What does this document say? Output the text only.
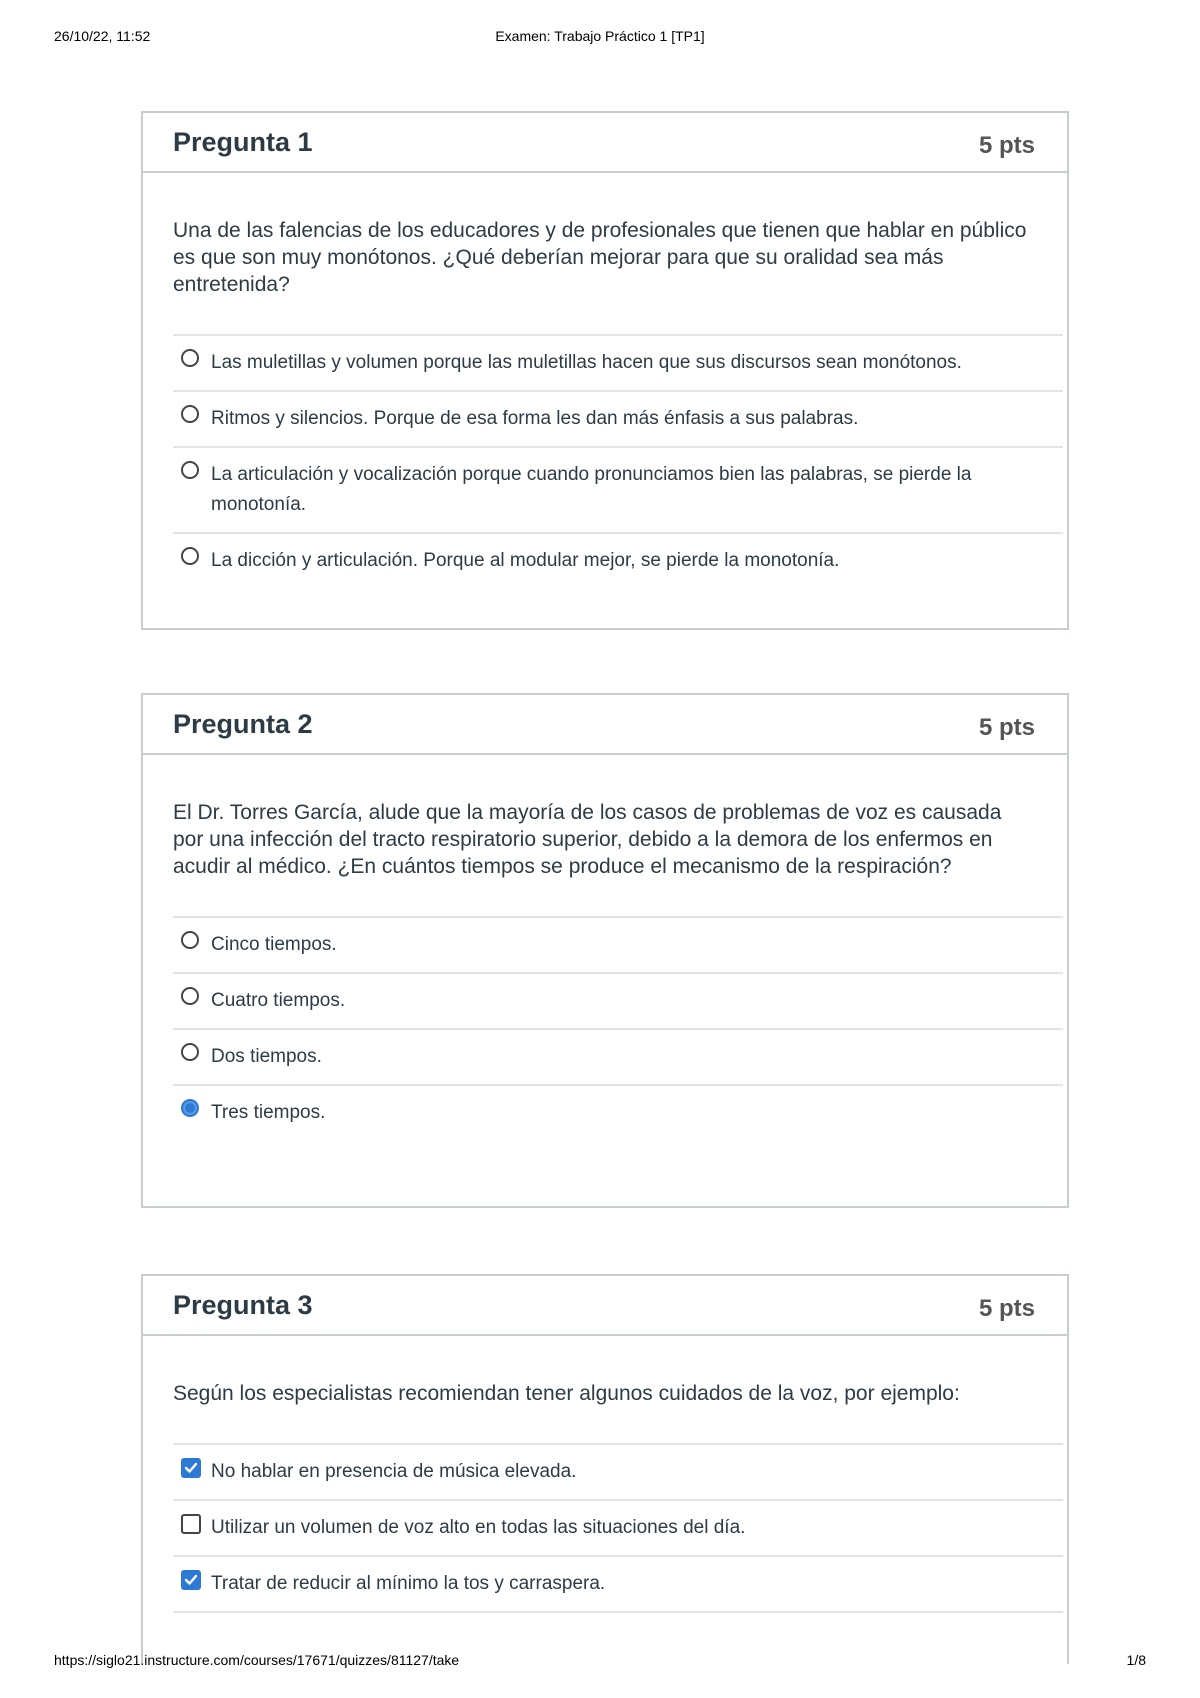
26/10/22, 11:52	Examen: Trabajo Práctico 1 [TP1]
Pregunta 1	5 pts
Una de las falencias de los educadores y de profesionales que tienen que hablar en público es que son muy monótonos. ¿Qué deberían mejorar para que su oralidad sea más entretenida?
Las muletillas y volumen porque las muletillas hacen que sus discursos sean monótonos.
Ritmos y silencios. Porque de esa forma les dan más énfasis a sus palabras.
La articulación y vocalización porque cuando pronunciamos bien las palabras, se pierde la monotonía.
La dicción y articulación. Porque al modular mejor, se pierde la monotonía.
Pregunta 2	5 pts
El Dr. Torres García, alude que la mayoría de los casos de problemas de voz es causada por una infección del tracto respiratorio superior, debido a la demora de los enfermos en acudir al médico. ¿En cuántos tiempos se produce el mecanismo de la respiración?
Cinco tiempos.
Cuatro tiempos.
Dos tiempos.
Tres tiempos.
Pregunta 3	5 pts
Según los especialistas recomiendan tener algunos cuidados de la voz, por ejemplo:
No hablar en presencia de música elevada.
Utilizar un volumen de voz alto en todas las situaciones del día.
Tratar de reducir al mínimo la tos y carraspera.
https://siglo21.instructure.com/courses/17671/quizzes/81127/take	1/8
